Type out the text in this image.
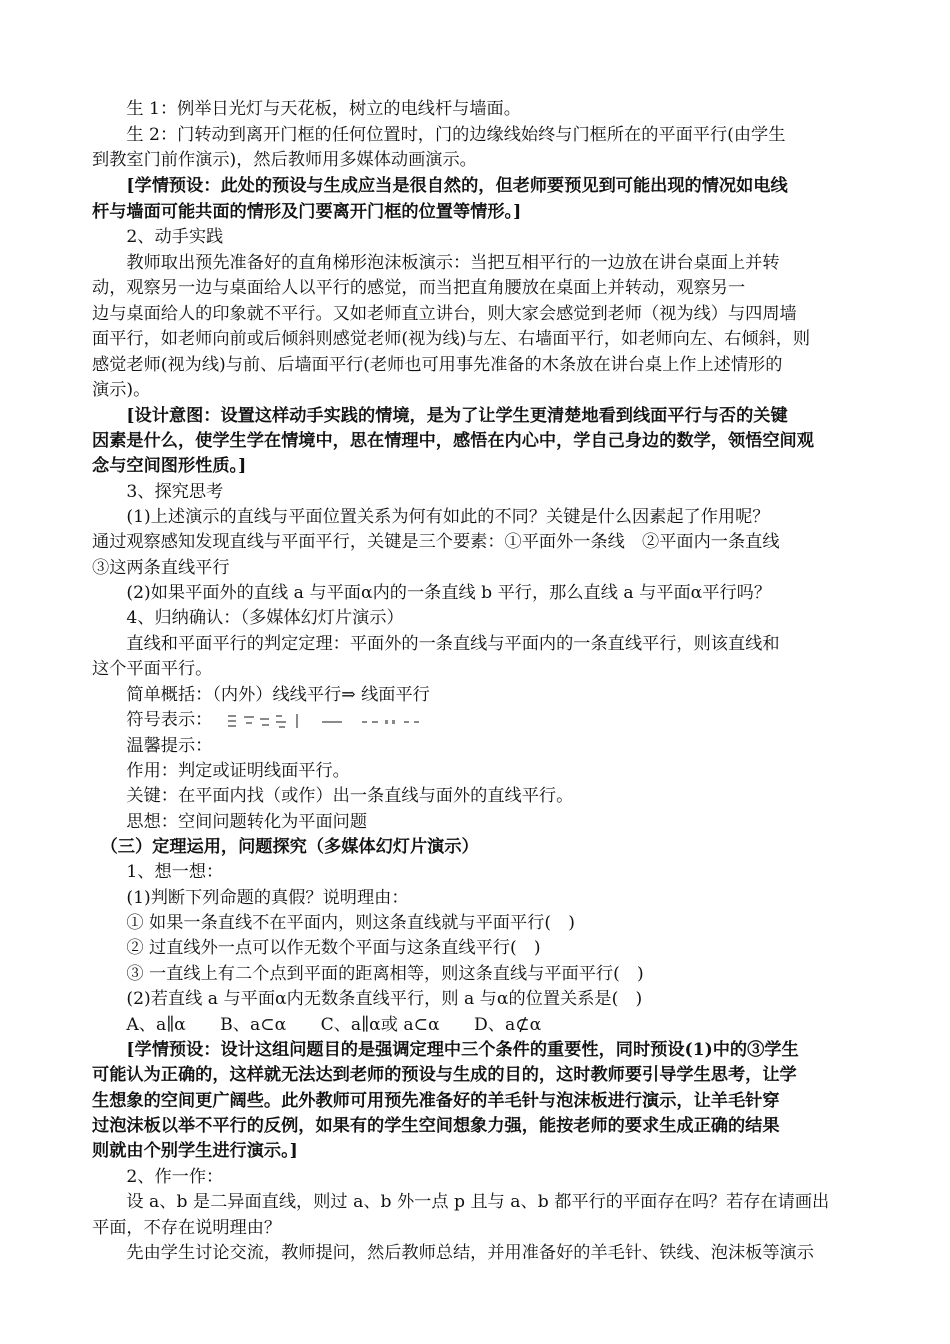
　　生 1：例举日光灯与天花板，树立的电线杆与墙面。
　　生 2：门转动到离开门框的任何位置时，门的边缘线始终与门框所在的平面平行(由学生
到教室门前作演示)，然后教师用多媒体动画演示。
　　[学情预设：此处的预设与生成应当是很自然的，但老师要预见到可能出现的情况如电线
杆与墙面可能共面的情形及门要离开门框的位置等情形。]
　　2、动手实践
　　教师取出预先准备好的直角梯形泡沫板演示：当把互相平行的一边放在讲台桌面上并转
动，观察另一边与桌面给人以平行的感觉，而当把直角腰放在桌面上并转动，观察另一
边与桌面给人的印象就不平行。又如老师直立讲台，则大家会感觉到老师（视为线）与四周墙
面平行，如老师向前或后倾斜则感觉老师(视为线)与左、右墙面平行，如老师向左、右倾斜，则
感觉老师(视为线)与前、后墙面平行(老师也可用事先准备的木条放在讲台桌上作上述情形的
演示)。
　　[设计意图：设置这样动手实践的情境，是为了让学生更清楚地看到线面平行与否的关键
因素是什么，使学生学在情境中，思在情理中，感悟在内心中，学自己身边的数学，领悟空间观
念与空间图形性质。]
　　3、探究思考
　　(1)上述演示的直线与平面位置关系为何有如此的不同？关键是什么因素起了作用呢？
通过观察感知发现直线与平面平行，关键是三个要素：①平面外一条线　②平面内一条直线
③这两条直线平行
　　(2)如果平面外的直线 a 与平面α内的一条直线 b 平行，那么直线 a 与平面α平行吗？
　　4、归纳确认：（多媒体幻灯片演示）
　　直线和平面平行的判定定理：平面外的一条直线与平面内的一条直线平行，则该直线和
这个平面平行。
　　简单概括：（内外）线线平行⇒ 线面平行
　　符号表示：
　　温馨提示：
　　作用：判定或证明线面平行。
　　关键：在平面内找（或作）出一条直线与面外的直线平行。
　　思想：空间问题转化为平面问题
　（三）定理运用，问题探究（多媒体幻灯片演示）
　　1、想一想：
　　(1)判断下列命题的真假？说明理由：
　　① 如果一条直线不在平面内，则这条直线就与平面平行(　)
　　② 过直线外一点可以作无数个平面与这条直线平行(　)
　　③ 一直线上有二个点到平面的距离相等，则这条直线与平面平行(　)
　　(2)若直线 a 与平面α内无数条直线平行，则 a 与α的位置关系是(　)
　　A、a∥α　　B、a⊂α　　C、a∥α或 a⊂α　　D、a⊄α
　　[学情预设：设计这组问题目的是强调定理中三个条件的重要性，同时预设(1)中的③学生
可能认为正确的，这样就无法达到老师的预设与生成的目的，这时教师要引导学生思考，让学
生想象的空间更广阔些。此外教师可用预先准备好的羊毛针与泡沫板进行演示，让羊毛针穿
过泡沫板以举不平行的反例，如果有的学生空间想象力强，能按老师的要求生成正确的结果
则就由个别学生进行演示。]
　　2、作一作：
　　设 a、b 是二异面直线，则过 a、b 外一点 p 且与 a、b 都平行的平面存在吗？若存在请画出
平面，不存在说明理由？
　　先由学生讨论交流，教师提问，然后教师总结，并用准备好的羊毛针、铁线、泡沫板等演示
